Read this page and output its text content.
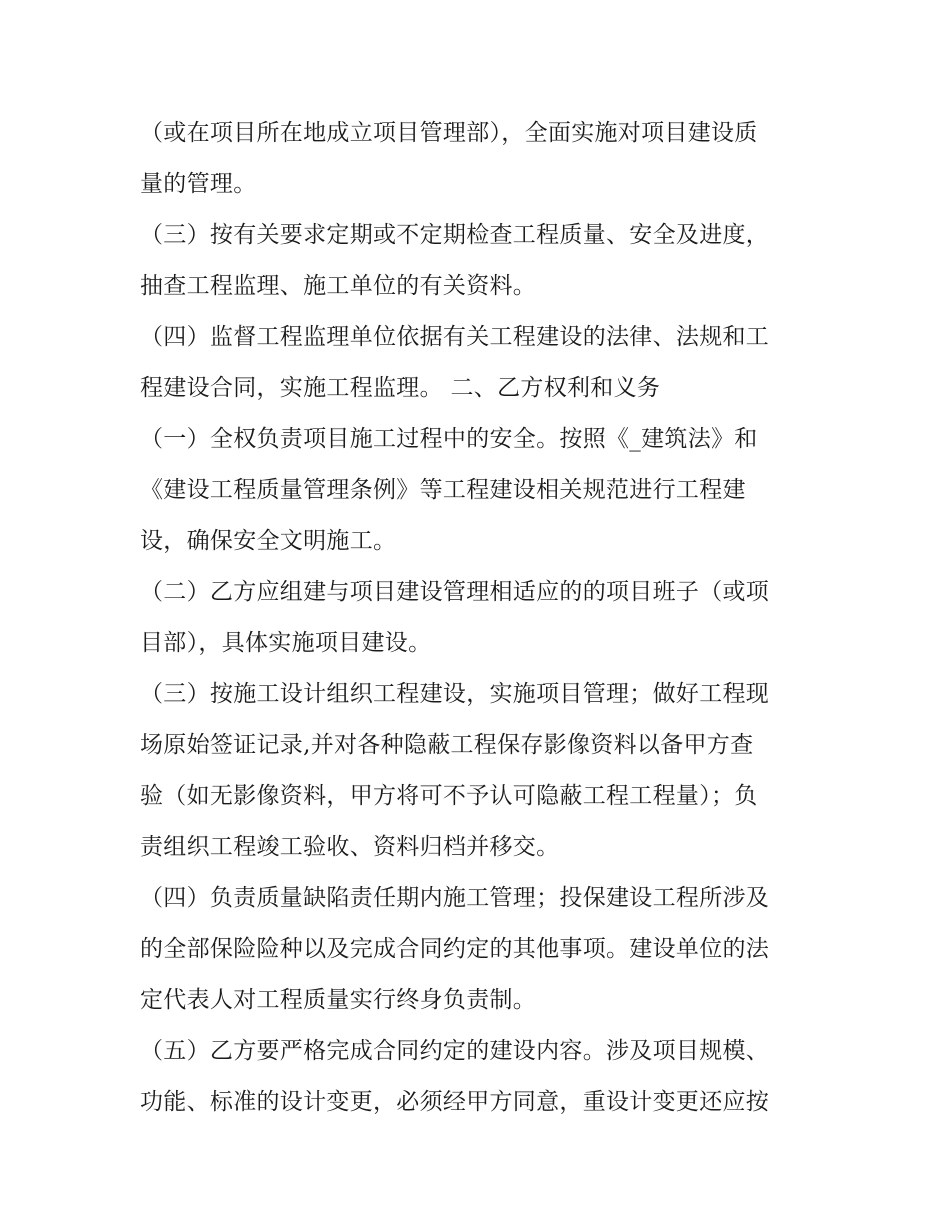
（或在项目所在地成立项目管理部），全面实施对项目建设质
量的管理。
（三）按有关要求定期或不定期检查工程质量、安全及进度，
抽查工程监理、施工单位的有关资料。
（四）监督工程监理单位依据有关工程建设的法律、法规和工
程建设合同，实施工程监理。 二、乙方权利和义务
（一）全权负责项目施工过程中的安全。按照《_建筑法》和
《建设工程质量管理条例》等工程建设相关规范进行工程建
设，确保安全文明施工。
（二）乙方应组建与项目建设管理相适应的的项目班子（或项
目部），具体实施项目建设。
（三）按施工设计组织工程建设，实施项目管理；做好工程现
场原始签证记录,并对各种隐蔽工程保存影像资料以备甲方查
验（如无影像资料，甲方将可不予认可隐蔽工程工程量）；负
责组织工程竣工验收、资料归档并移交。
（四）负责质量缺陷责任期内施工管理；投保建设工程所涉及
的全部保险险种以及完成合同约定的其他事项。建设单位的法
定代表人对工程质量实行终身负责制。
（五）乙方要严格完成合同约定的建设内容。涉及项目规模、
功能、标准的设计变更，必须经甲方同意，重设计变更还应按
